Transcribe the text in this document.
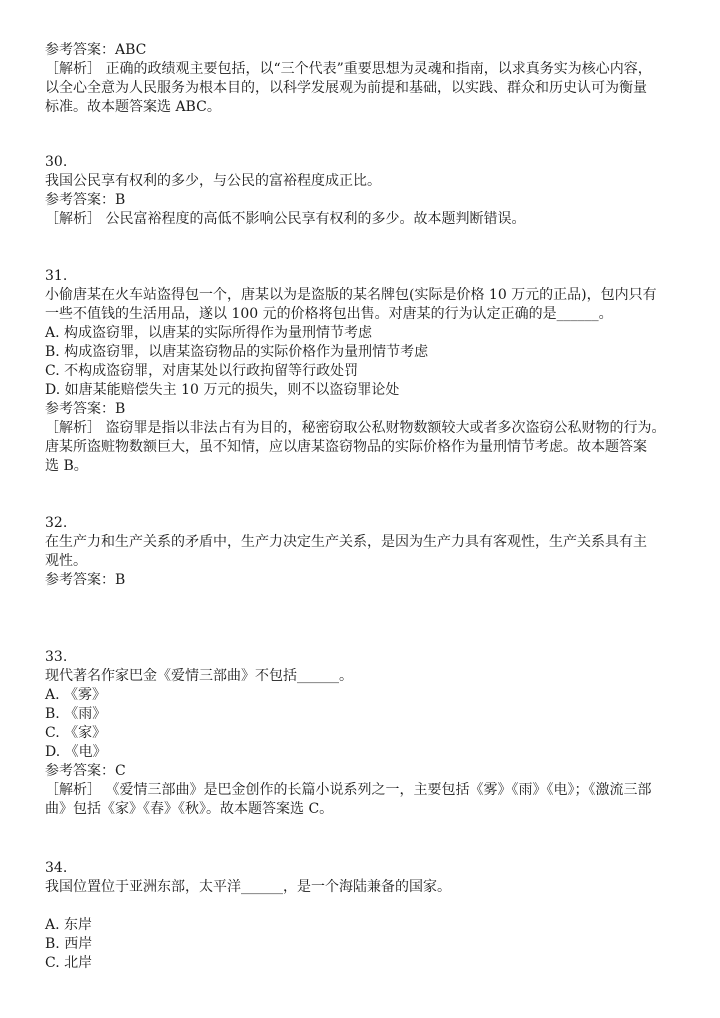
参考答案：ABC
［解析］ 正确的政绩观主要包括，以“三个代表”重要思想为灵魂和指南，以求真务实为核心内容，
以全心全意为人民服务为根本目的，以科学发展观为前提和基础，以实践、群众和历史认可为衡量
标准。故本题答案选 ABC。
30.
我国公民享有权利的多少，与公民的富裕程度成正比。
参考答案：B
［解析］ 公民富裕程度的高低不影响公民享有权利的多少。故本题判断错误。
31.
小偷唐某在火车站盗得包一个，唐某以为是盗版的某名牌包(实际是价格 10 万元的正品)，包内只有
一些不值钱的生活用品，遂以 100 元的价格将包出售。对唐某的行为认定正确的是______。
A. 构成盗窃罪，以唐某的实际所得作为量刑情节考虑
B. 构成盗窃罪，以唐某盗窃物品的实际价格作为量刑情节考虑
C. 不构成盗窃罪，对唐某处以行政拘留等行政处罚
D. 如唐某能赔偿失主 10 万元的损失，则不以盗窃罪论处
参考答案：B
［解析］ 盗窃罪是指以非法占有为目的，秘密窃取公私财物数额较大或者多次盗窃公私财物的行为。
唐某所盗赃物数额巨大，虽不知情，应以唐某盗窃物品的实际价格作为量刑情节考虑。故本题答案
选 B。
32.
在生产力和生产关系的矛盾中，生产力决定生产关系，是因为生产力具有客观性，生产关系具有主
观性。
参考答案：B
33.
现代著名作家巴金《爱情三部曲》不包括______。
A. 《雾》
B. 《雨》
C. 《家》
D. 《电》
参考答案：C
［解析］ 《爱情三部曲》是巴金创作的长篇小说系列之一，主要包括《雾》《雨》《电》；《激流三部
曲》包括《家》《春》《秋》。故本题答案选 C。
34.
我国位置位于亚洲东部，太平洋______，是一个海陆兼备的国家。
A. 东岸
B. 西岸
C. 北岸
